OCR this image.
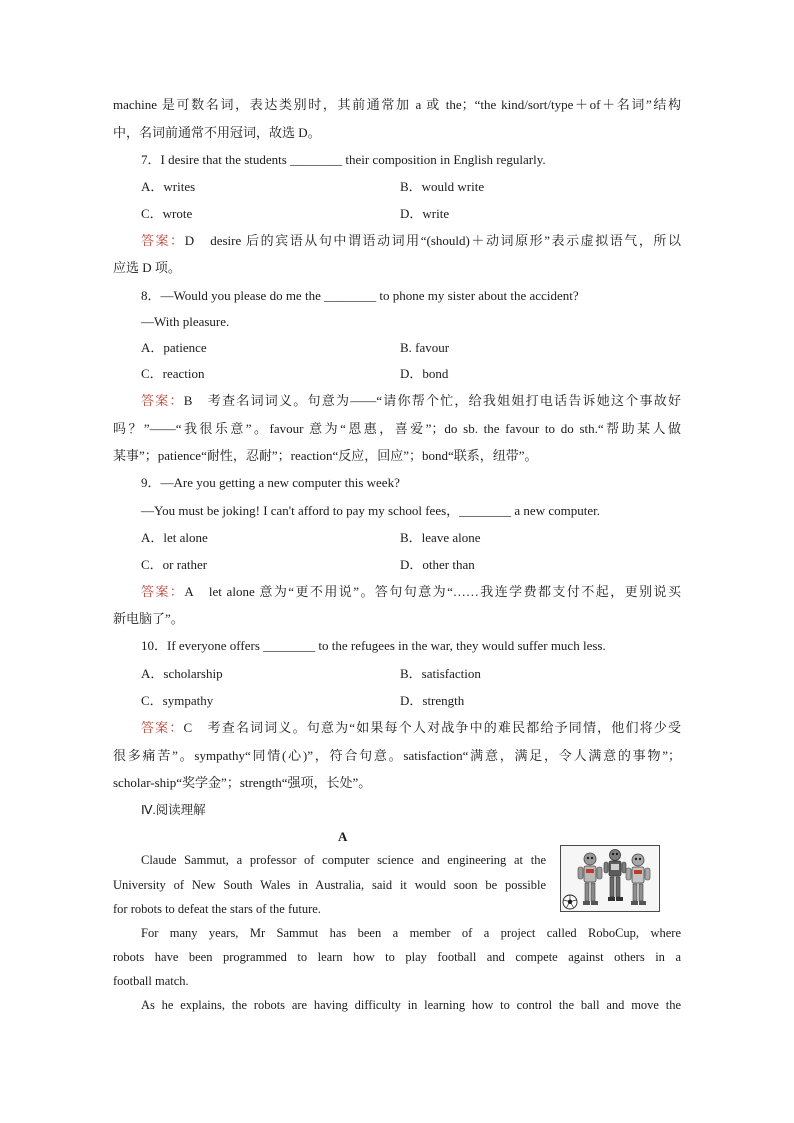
machine 是可数名词，表达类别时，其前通常加 a 或 the；“the kind/sort/type＋of＋名词”结构
中，名词前通常不用冠词，故选 D。
7．I desire that the students ________ their composition in English regularly.
A．writes	B．would write
C．wrote	D．write
答案：D　desire 后的宾语从句中谓语动词用“(should)＋动词原形”表示虚拟语气，所以
应选 D 项。
8．—Would you please do me the ________ to phone my sister about the accident?
—With pleasure.
A．patience	B. favour
C．reaction	D．bond
答案：B　考查名词词义。句意为——“请你帮个忙，给我姐姐打电话告诉她这个事故好
吗？”——“我很乐意”。favour 意为“恩惠，喜爱”；do sb. the favour to do sth.“帮助某人做
某事”；patience“耐性，忍耐”；reaction“反应，回应”；bond“联系，纽带”。
9．—Are you getting a new computer this week?
—You must be joking! I can't afford to pay my school fees，________ a new computer.
A．let alone	B．leave alone
C．or rather	D．other than
答案：A　let alone 意为“更不用说”。答句句意为“……我连学费都支付不起，更别说买
新电脑了”。
10．If everyone offers ________ to the refugees in the war, they would suffer much less.
A．scholarship	B．satisfaction
C．sympathy	D．strength
答案：C　考查名词词义。句意为“如果每个人对战争中的难民都给予同情，他们将少受
很多痛苦”。sympathy“同情(心)”，符合句意。satisfaction“满意，满足，令人满意的事物”；
scholar-ship“奖学金”；strength“强项，长处”。
Ⅳ.阅读理解
A
Claude Sammut, a professor of computer science and engineering at the
University of New South Wales in Australia, said it would soon be possible
for robots to defeat the stars of the future.
For many years, Mr Sammut has been a member of a project called RoboCup, where
robots have been programmed to learn how to play football and compete against others in a
football match.
As he explains, the robots are having difficulty in learning how to control the ball and move the
